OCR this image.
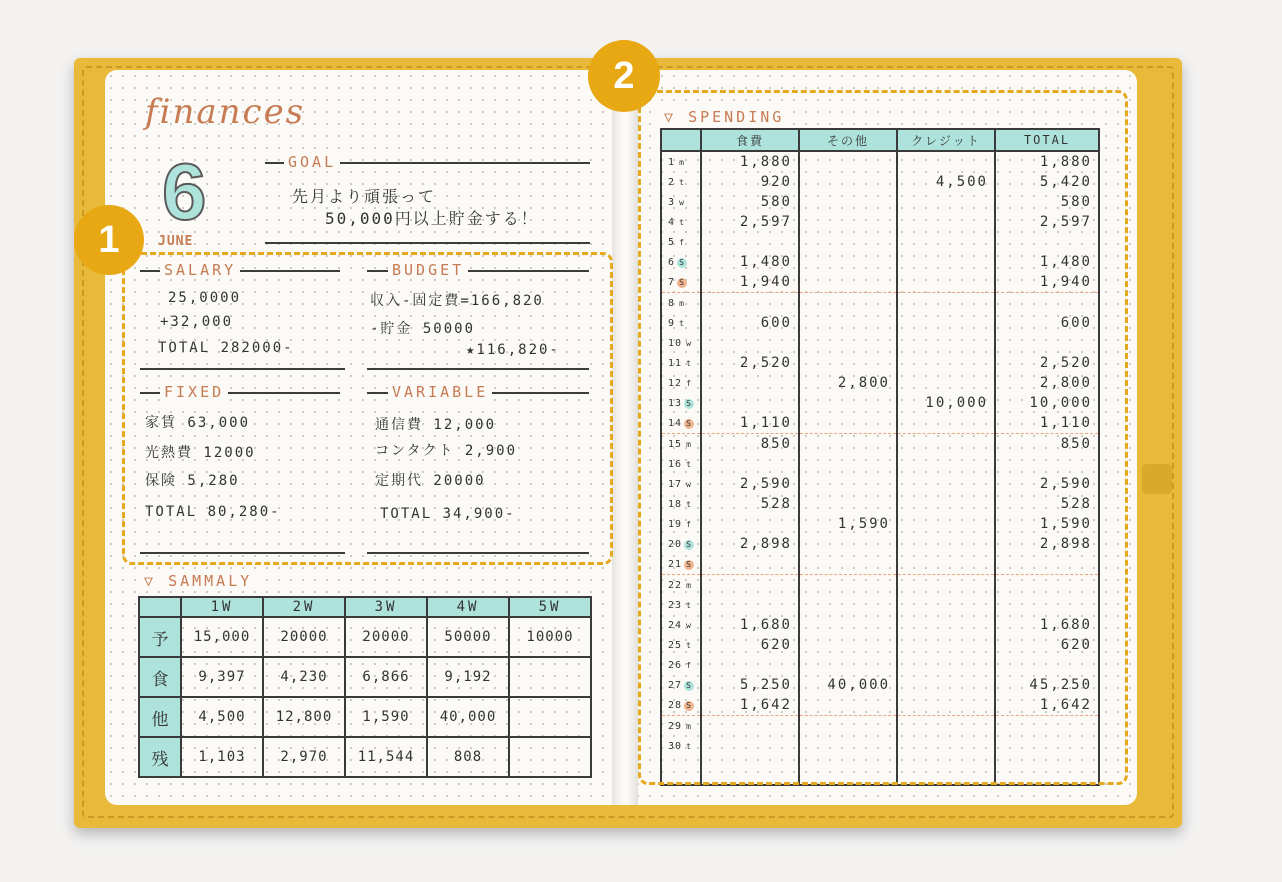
finances
6
JUNE
GOAL
先月より頑張って
50,000円以上貯金する！
SALARY
25,0000
+32,000
TOTAL 282000-
BUDGET
収入-固定費=166,820
-貯金 50000
★116,820-
FIXED
家賃 63,000
光熱費 12000
保険 5,280
TOTAL 80,280-
VARIABLE
通信費 12,000
コンタクト 2,900
定期代 20000
TOTAL 34,900-
▽ SAMMALY
	1W	2W	3W	4W	5W
予	15,000	20000	20000	50000	10000
食	9,397	4,230	6,866	9,192	
他	4,500	12,800	1,590	40,000	
残	1,103	2,970	11,544	808	
▽ SPENDING
	食費	その他	クレジット	TOTAL
1 m	1,880			1,880
2 t	920		4,500	5,420
3 w	580			580
4 t	2,597			2,597
5 f				
6 S	1,480			1,480
7 S	1,940			1,940
8 m				
9 t	600			600
10 w				
11 t	2,520			2,520
12 f		2,800		2,800
13 S			10,000	10,000
14 S	1,110			1,110
15 m	850			850
16 t				
17 w	2,590			2,590
18 t	528			528
19 f		1,590		1,590
20 S	2,898			2,898
21 S				
22 m				
23 t				
24 w	1,680			1,680
25 t	620			620
26 f				
27 S	5,250	40,000		45,250
28 S	1,642			1,642
29 m				
30 t				

1
2
